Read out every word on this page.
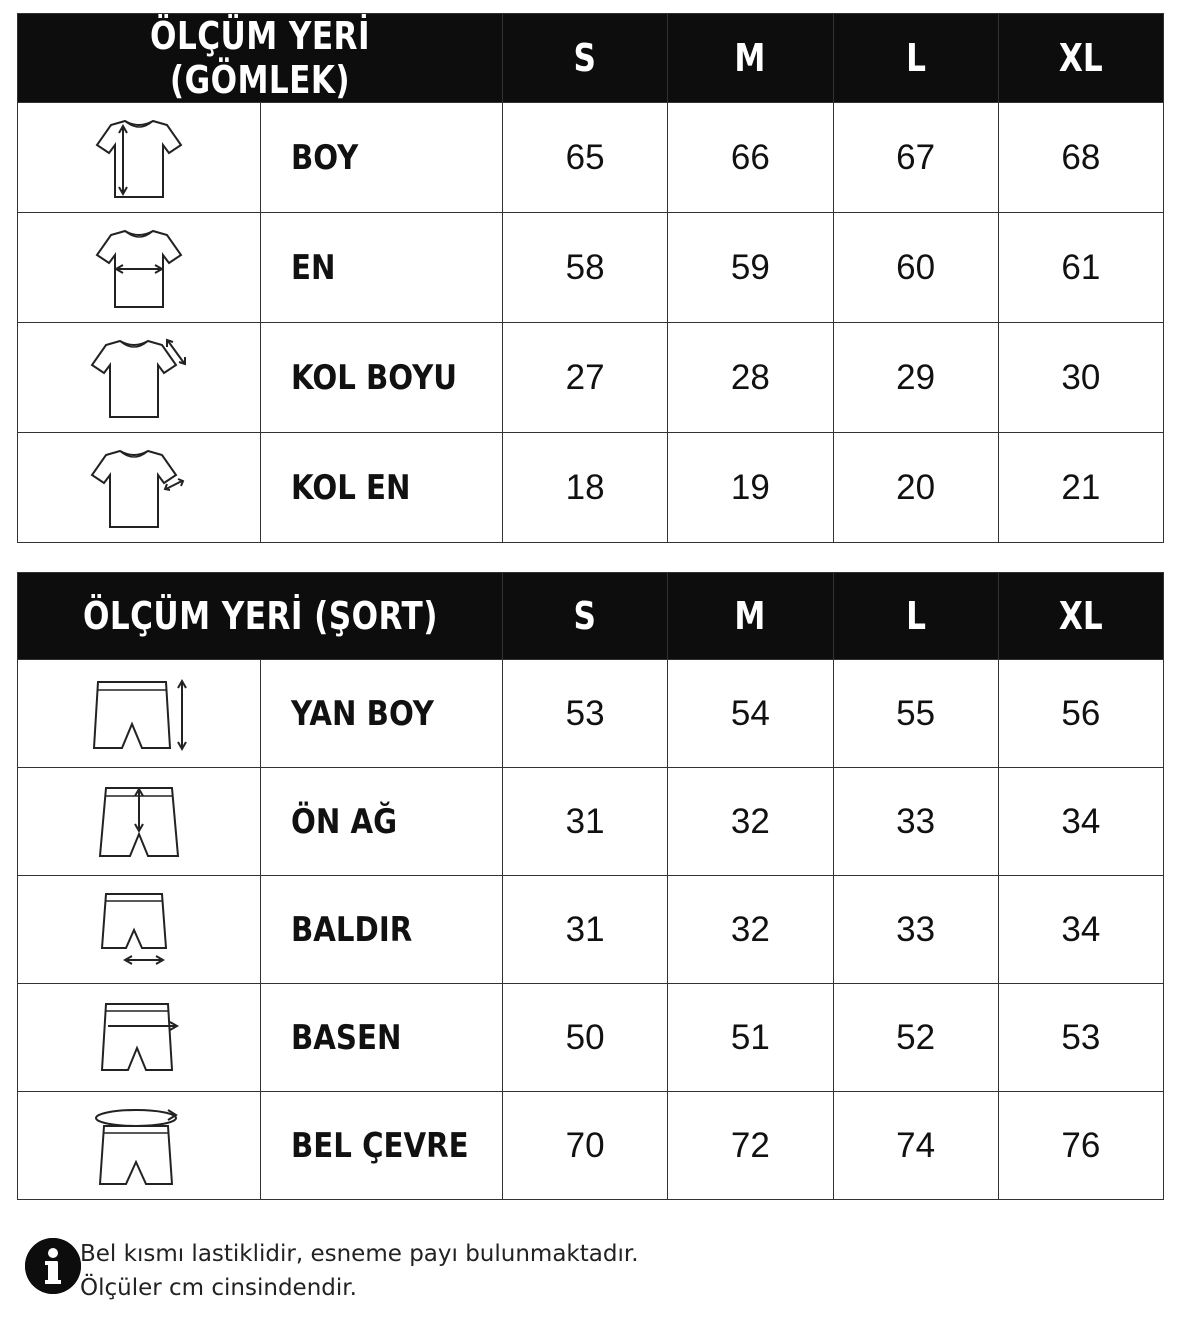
ÖLÇÜM YERİ (GÖMLEK)		S	M	L	XL

	BOY	65	66	67	68

	EN	58	59	60	61

	KOL BOYU	27	28	29	30

	KOL EN	18	19	20	21
ÖLÇÜM YERİ (ŞORT)		S	M	L	XL

	YAN BOY	53	54	55	56

	ÖN AĞ	31	32	33	34

	BALDIR	31	32	33	34

	BASEN	50	51	52	53

	BEL ÇEVRE	70	72	74	76
Bel kısmı lastiklidir, esneme payı bulunmaktadır.
Ölçüler cm cinsindendir.
